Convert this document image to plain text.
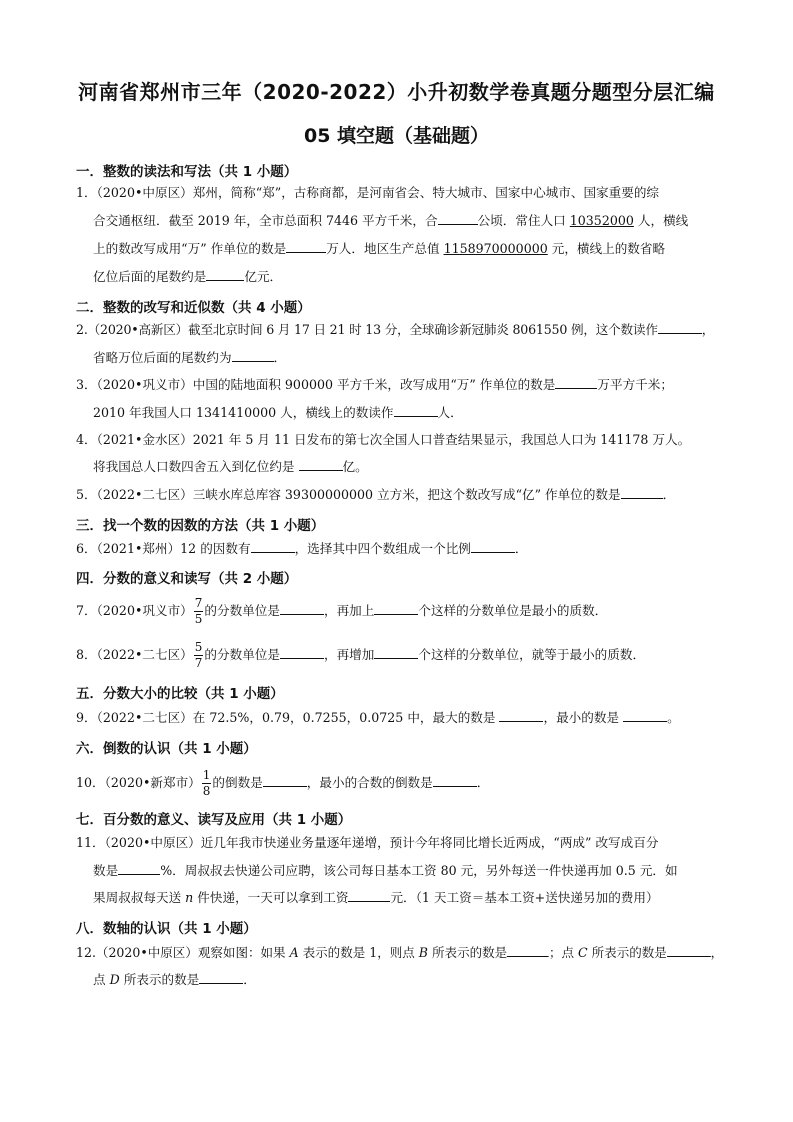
河南省郑州市三年（2020-2022）小升初数学卷真题分题型分层汇编
05 填空题（基础题）
一．整数的读法和写法（共 1 小题）
1．（2020•中原区）郑州，简称“郑”，古称商都，是河南省会、特大城市、国家中心城市、国家重要的综
合交通枢纽．截至 2019 年，全市总面积 7446 平方千米，合	公顷．常住人口 10352000 人，横线
上的数改写成用“万” 作单位的数是	万人．地区生产总值 1158970000000 元，横线上的数省略
亿位后面的尾数约是	亿元．
二．整数的改写和近似数（共 4 小题）
2.（2020•高新区）截至北京时间 6 月 17 日 21 时 13 分，全球确诊新冠肺炎 8061550 例，这个数读作	，
省略万位后面的尾数约为	．
3．（2020•巩义市）中国的陆地面积 900000 平方千米，改写成用“万” 作单位的数是	万平方千米；
2010 年我国人口 1341410000 人，横线上的数读作	人．
4．（2021•金水区）2021 年 5 月 11 日发布的第七次全国人口普查结果显示，我国总人口为 141178 万人。
将我国总人口数四舍五入到亿位约是	亿。
5．（2022•二七区）三峡水库总库容 39300000000 立方米，把这个数改写成“亿” 作单位的数是	．
三．找一个数的因数的方法（共 1 小题）
6．（2021•郑州）12 的因数有	，选择其中四个数组成一个比例	．
四．分数的意义和读写（共 2 小题）
7．（2020•巩义市） $\frac{7}{5}$ 的分数单位是	，再加上	个这样的分数单位是最小的质数．
8．（2022•二七区） $\frac{5}{7}$ 的分数单位是	，再增加	个这样的分数单位，就等于最小的质数．
五．分数大小的比较（共 1 小题）
9．（2022•二七区）在 72.5%，0.79，0.7255，0.0725 中，最大的数是	，最小的数是	。
六．倒数的认识（共 1 小题）
10．（2020•新郑市） $\frac{1}{8}$ 的倒数是	，最小的合数的倒数是	．
七．百分数的意义、读写及应用（共 1 小题）
11．（2020•中原区）近几年我市快递业务量逐年递增，预计今年将同比增长近两成，“两成” 改写成百分
数是	%．周叔叔去快递公司应聘，该公司每日基本工资 80 元，另外每送一件快递再加 0.5 元．如
果周叔叔每天送 n 件快递，一天可以拿到工资	元．（1 天工资＝基本工资+送快递另加的费用）
八．数轴的认识（共 1 小题）
12.（2020•中原区）观察如图：如果 A 表示的数是 1，则点 B 所表示的数是	；点 C 所表示的数是	，
点 D 所表示的数是	．
